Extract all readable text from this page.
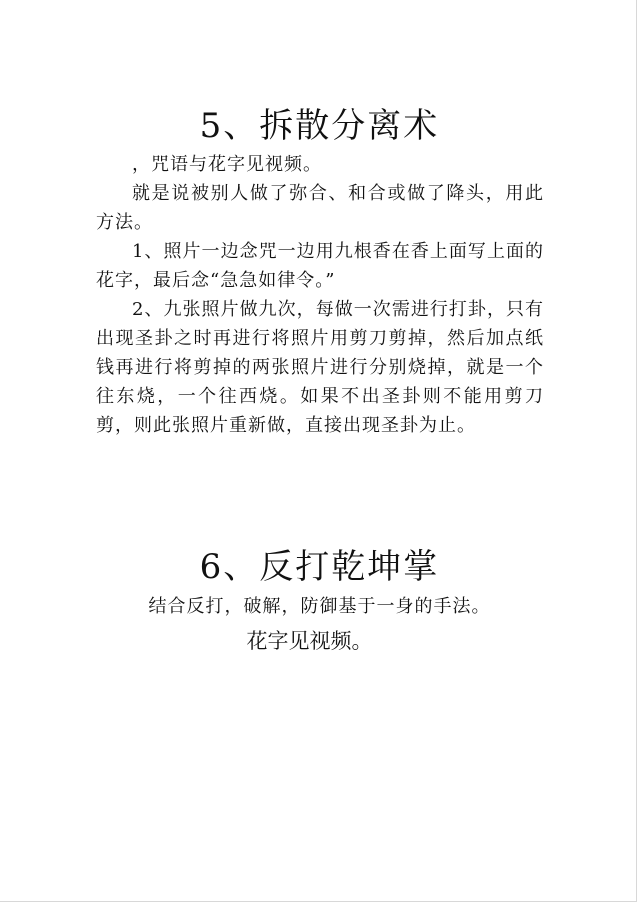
5、拆散分离术

，咒语与花字见视频。

就是说被别人做了弥合、和合或做了降头，用此方法。

1、照片一边念咒一边用九根香在香上面写上面的花字，最后念“急急如律令。”

2、九张照片做九次，每做一次需进行打卦，只有出现圣卦之时再进行将照片用剪刀剪掉，然后加点纸钱再进行将剪掉的两张照片进行分别烧掉，就是一个往东烧，一个往西烧。如果不出圣卦则不能用剪刀剪，则此张照片重新做，直接出现圣卦为止。

6、反打乾坤掌

结合反打，破解，防御基于一身的手法。

花字见视频。
